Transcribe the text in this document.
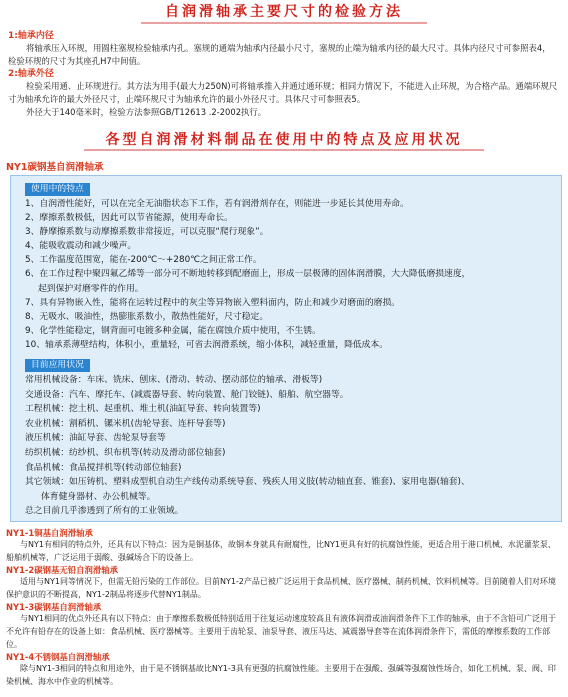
自润滑轴承主要尺寸的检验方法
1:轴承内径

将轴承压入环规，用圆柱塞规检验轴承内孔。塞规的通端为轴承内径最小尺寸，塞规的止端为轴承内径的最大尺寸。具体内径尺寸可参照表4，检验环规的尺寸为其座孔H7中间值。

2:轴承外径

检验采用通、止环规进行。其方法为用手(最大力250N)可将轴承推入并通过通环规；相同力情况下，不能进入止环规，为合格产品。通端环规尺寸为轴承允许的最大外径尺寸，止端环规尺寸为轴承允许的最小外径尺寸。具体尺寸可参照表5。

外径大于140毫米时，检验方法参照GB/T12613 .2-2002执行。

各型自润滑材料制品在使用中的特点及应用状况
NY1碳钢基自润滑轴承
使用中的特点
1、自润滑性能好，可以在完全无油脂状态下工作，若有润滑剂存在，则能进一步延长其使用寿命。
2、摩擦系数极低，因此可以节省能源，使用寿命长。
3、静摩擦系数与动摩擦系数非常接近，可以克服“爬行现象”。
4、能吸收震动和减少噪声。
5、工作温度范围宽，能在-200℃～+280℃之间正常工作。
6、在工作过程中聚四氟乙烯等一部分可不断地转移到配磨面上，形成一层极薄的固体润滑膜，大大降低磨损速度，
起到保护对磨零件的作用。
7、具有异物嵌入性，能将在运转过程中的灰尘等异物嵌入塑料面内，防止和减少对磨面的磨损。
8、无吸水、吸油性，热膨胀系数小，散热性能好，尺寸稳定。
9、化学性能稳定，钢背面可电镀多种金属，能在腐蚀介质中使用，不生锈。
10、轴承系薄壁结构，体积小，重量轻，可省去润滑系统，缩小体积，减轻重量，降低成本。
目前应用状况
常用机械设备：车床、铣床、刨床、(滑动、转动、摆动部位的轴承、滑板等)
交通设备：汽车、摩托车、(减震器导套、转向装置、舱门铰链)、船舶、航空器等。
工程机械：挖土机、起重机、堆土机(油缸导套、转向装置等)
农业机械：割稻机、镙米机(齿轮导套、连杆导套等)
液压机械：油缸导套、齿轮泵导套等
纺织机械：纺纱机、织布机等(转动及滑动部位轴套)
食品机械：食品搅拌机等(转动部位轴套)
其它领域：如压铸机、塑料成型机自动生产线传动系统导套、残疾人用义肢(转动轴直套、锥套)、家用电器(轴套)、
体育健身器材、办公机械等。
总之目前几乎渗透到了所有的工业领域。
NY1-1铜基自润滑轴承

与NY1有相同的特点外，还具有以下特点：因为是铜基体，故铜本身就具有耐腐性，比NY1更具有好的抗腐蚀性能，更适合用于港口机械、水泥灌浆泵、船舶机械等，广泛运用于弱酸、强碱场合下的设备上。

NY1-2碳钢基无铅自润滑轴承

适用与NY1同等情况下，但需无铅污染的工作部位。目前NY1-2产品已被广泛运用于食品机械、医疗器械、制药机械、饮料机械等。目前随着人们对环境保护意识的不断提高，NY1-2制品将逐步代替NY1制品。

NY1-3碳钢基自润滑轴承

与NY1相同的优点外还具有以下特点：由于摩擦系数极低特别适用于往复运动速度较高且有液体润滑或油润滑条件下工作的轴承，由于不含铅可广泛用于不允许有铅存在的设备上如：食品机械、医疗器械等。主要用于齿轮泵、油泵导套、液压马达、减震器导套等在流体润滑条件下，需低的摩擦系数的工作部位。

NY1-4不锈钢基自润滑轴承

除与NY1-3相同的特点和用途外，由于是不锈钢基故比NY1-3具有更强的抗腐蚀性能。主要用于在强酸、强碱等强腐蚀性场合，如化工机械、泵、阀、印染机械、海水中作业的机械等。
